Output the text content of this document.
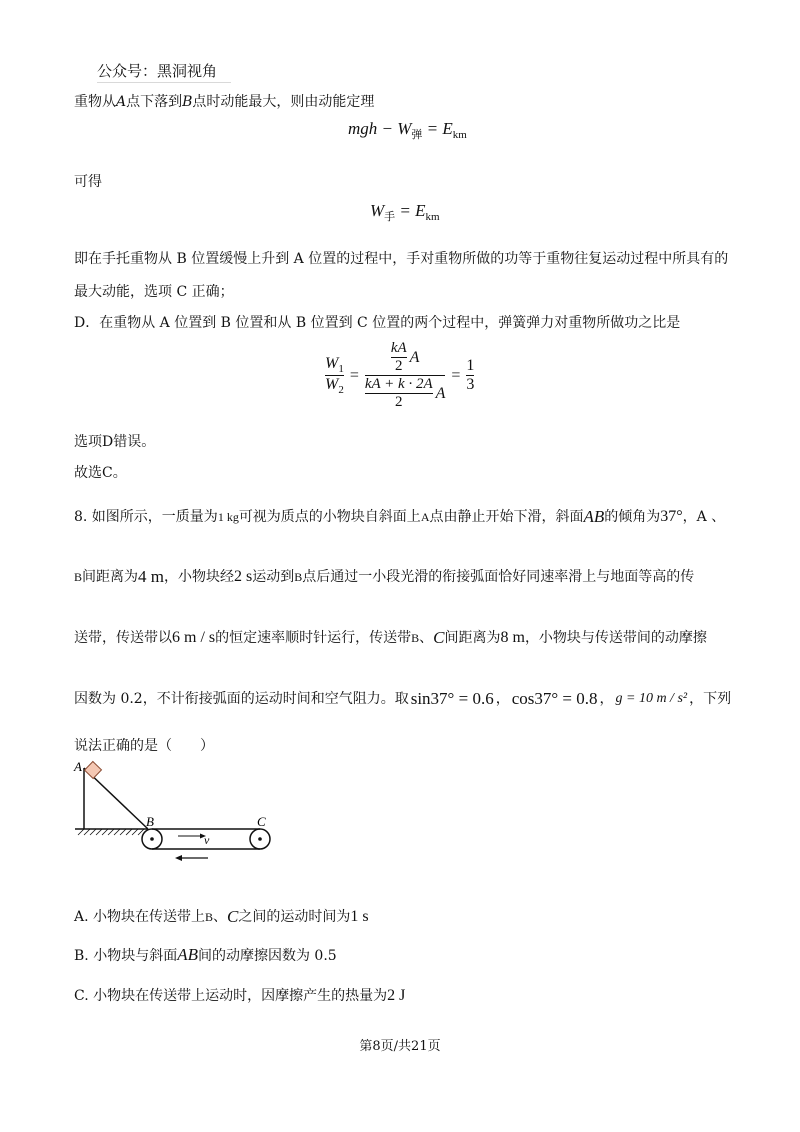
公众号：黑洞视角
重物从A点下落到B点时动能最大，则由动能定理
mgh − $W_弹 = E_{km}$
可得
$W_手 = E_{km}$
即在手托重物从 B 位置缓慢上升到 A 位置的过程中，手对重物所做的功等于重物往复运动过程中所具有的
最大动能，选项 C 正确；
D．在重物从 A 位置到 B 位置和从 B 位置到 C 位置的两个过程中，弹簧弹力对重物所做功之比是
$\frac{W_1}{W_2} = \frac{\frac{kA}{2} A}{\frac{kA + k \cdot 2A}{2} A} = \frac{1}{3}$
选项D错误。
故选C。
8. 如图所示，一质量为 1 kg 可视为质点的小物块自斜面上 A 点由静止开始下滑，斜面 AB 的倾角为 37° ，A 、
B 间距离为 4 m ，小物块经 2 s 运动到 B 点后通过一小段光滑的衔接弧面恰好同速率滑上与地面等高的传
送带，传送带以 6 m / s 的恒定速率顺时针运行，传送带 B 、 C 间距离为 8 m ，小物块与传送带间的动摩擦
因数为 0.2，不计衔接弧面的运动时间和空气阻力。取 sin37° = 0.6 ， cos37° = 0.8 ， g = 10 m / s² ，下列
说法正确的是（　　）
A
B	C
v
A. 小物块在传送带上 B 、 C 之间的运动时间为 1 s
B. 小物块与斜面AB间的动摩擦因数为 0.5
C. 小物块在传送带上运动时，因摩擦产生的热量为 2 J
第8页/共21页
